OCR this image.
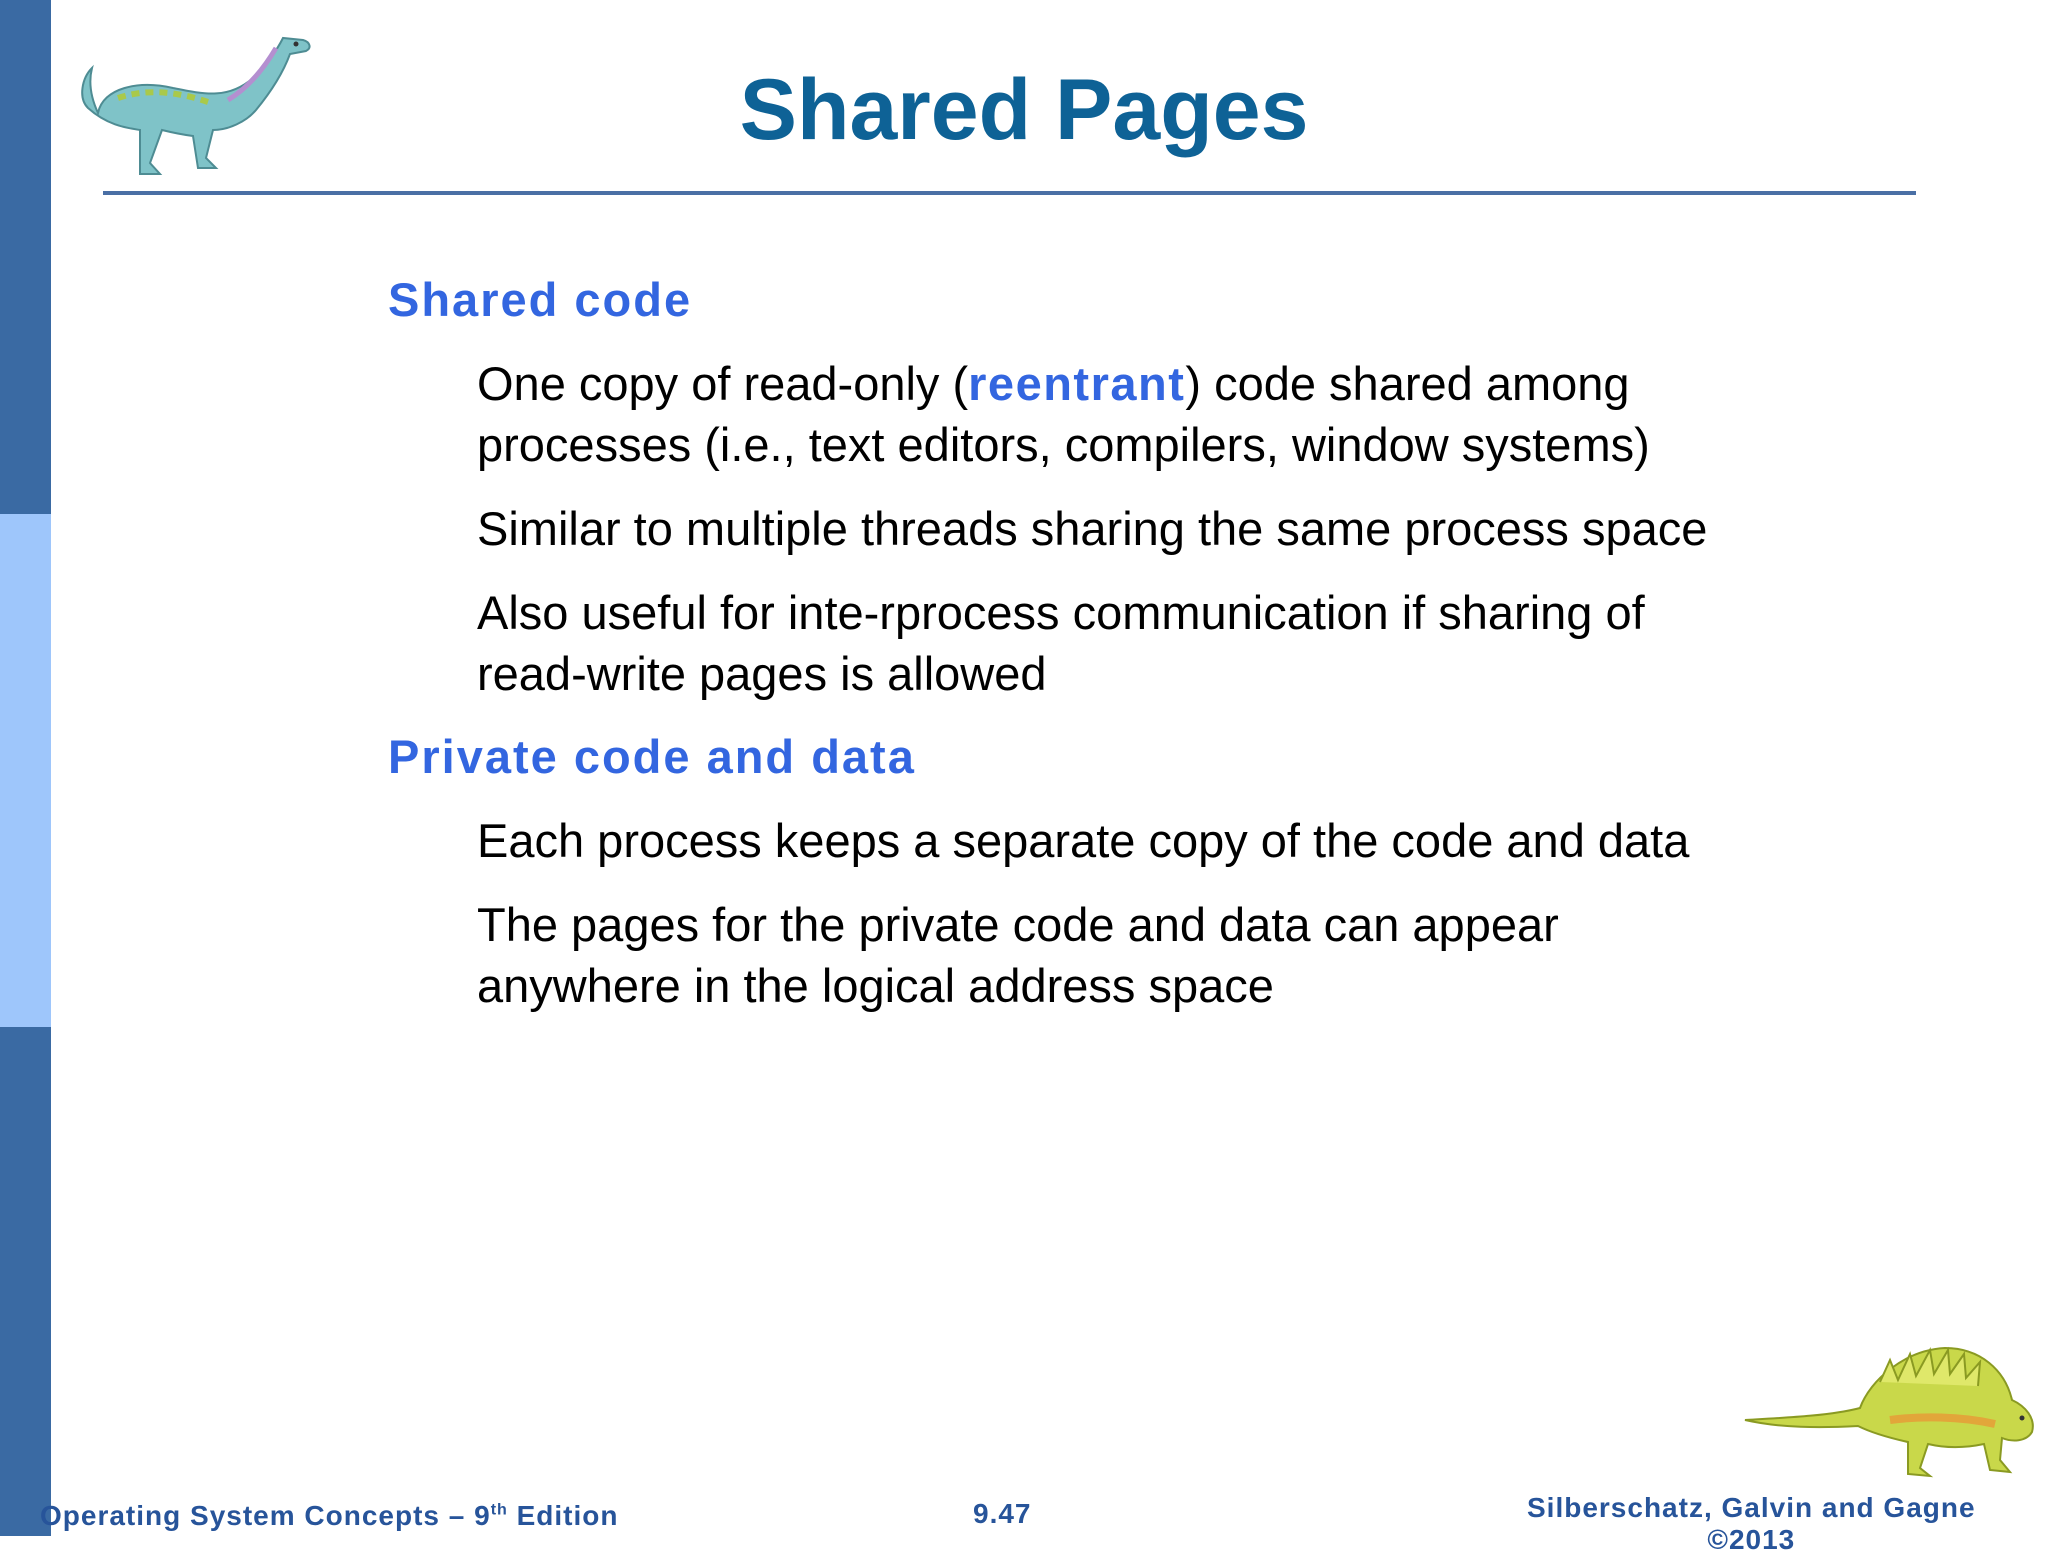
Shared Pages
Shared code
One copy of read-only (reentrant) code shared among
processes (i.e., text editors, compilers, window systems)
Similar to multiple threads sharing the same process space
Also useful for inte-rprocess communication if sharing of
read-write pages is allowed
Private code and data
Each process keeps a separate copy of the code and data
The pages for the private code and data can appear
anywhere in the logical address space
Operating System Concepts – 9th Edition	9.47	Silberschatz, Galvin and Gagne
©2013
